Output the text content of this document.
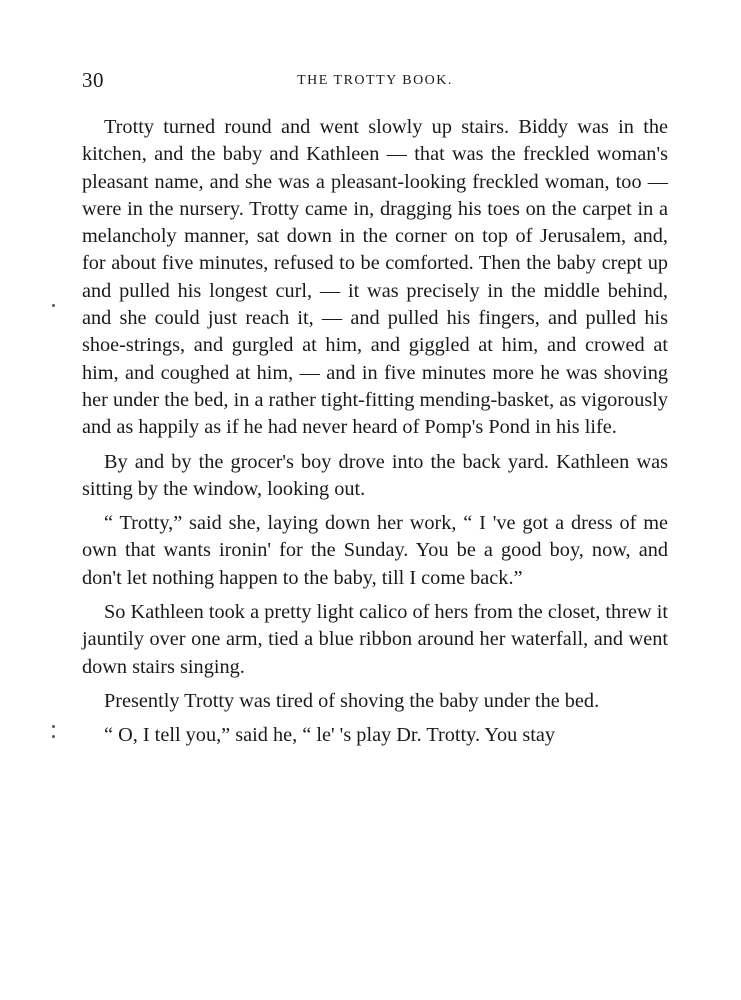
30	THE TROTTY BOOK.

Trotty turned round and went slowly up stairs. Biddy was in the kitchen, and the baby and Kathleen — that was the freckled woman's pleasant name, and she was a pleasant-looking freckled woman, too — were in the nursery. Trotty came in, dragging his toes on the carpet in a melancholy manner, sat down in the corner on top of Jerusalem, and, for about five minutes, refused to be comforted. Then the baby crept up and pulled his longest curl, — it was precisely in the middle behind, and she could just reach it, — and pulled his fingers, and pulled his shoe-strings, and gurgled at him, and giggled at him, and crowed at him, and coughed at him, — and in five minutes more he was shoving her under the bed, in a rather tight-fitting mending-basket, as vigorously and as happily as if he had never heard of Pomp's Pond in his life.

By and by the grocer's boy drove into the back yard. Kathleen was sitting by the window, looking out.

“ Trotty,” said she, laying down her work, “ I 've got a dress of me own that wants ironin' for the Sunday. You be a good boy, now, and don't let nothing happen to the baby, till I come back.”

So Kathleen took a pretty light calico of hers from the closet, threw it jauntily over one arm, tied a blue ribbon around her waterfall, and went down stairs singing.

Presently Trotty was tired of shoving the baby under the bed.

“ O, I tell you,” said he, “ le' 's play Dr. Trotty. You stay
